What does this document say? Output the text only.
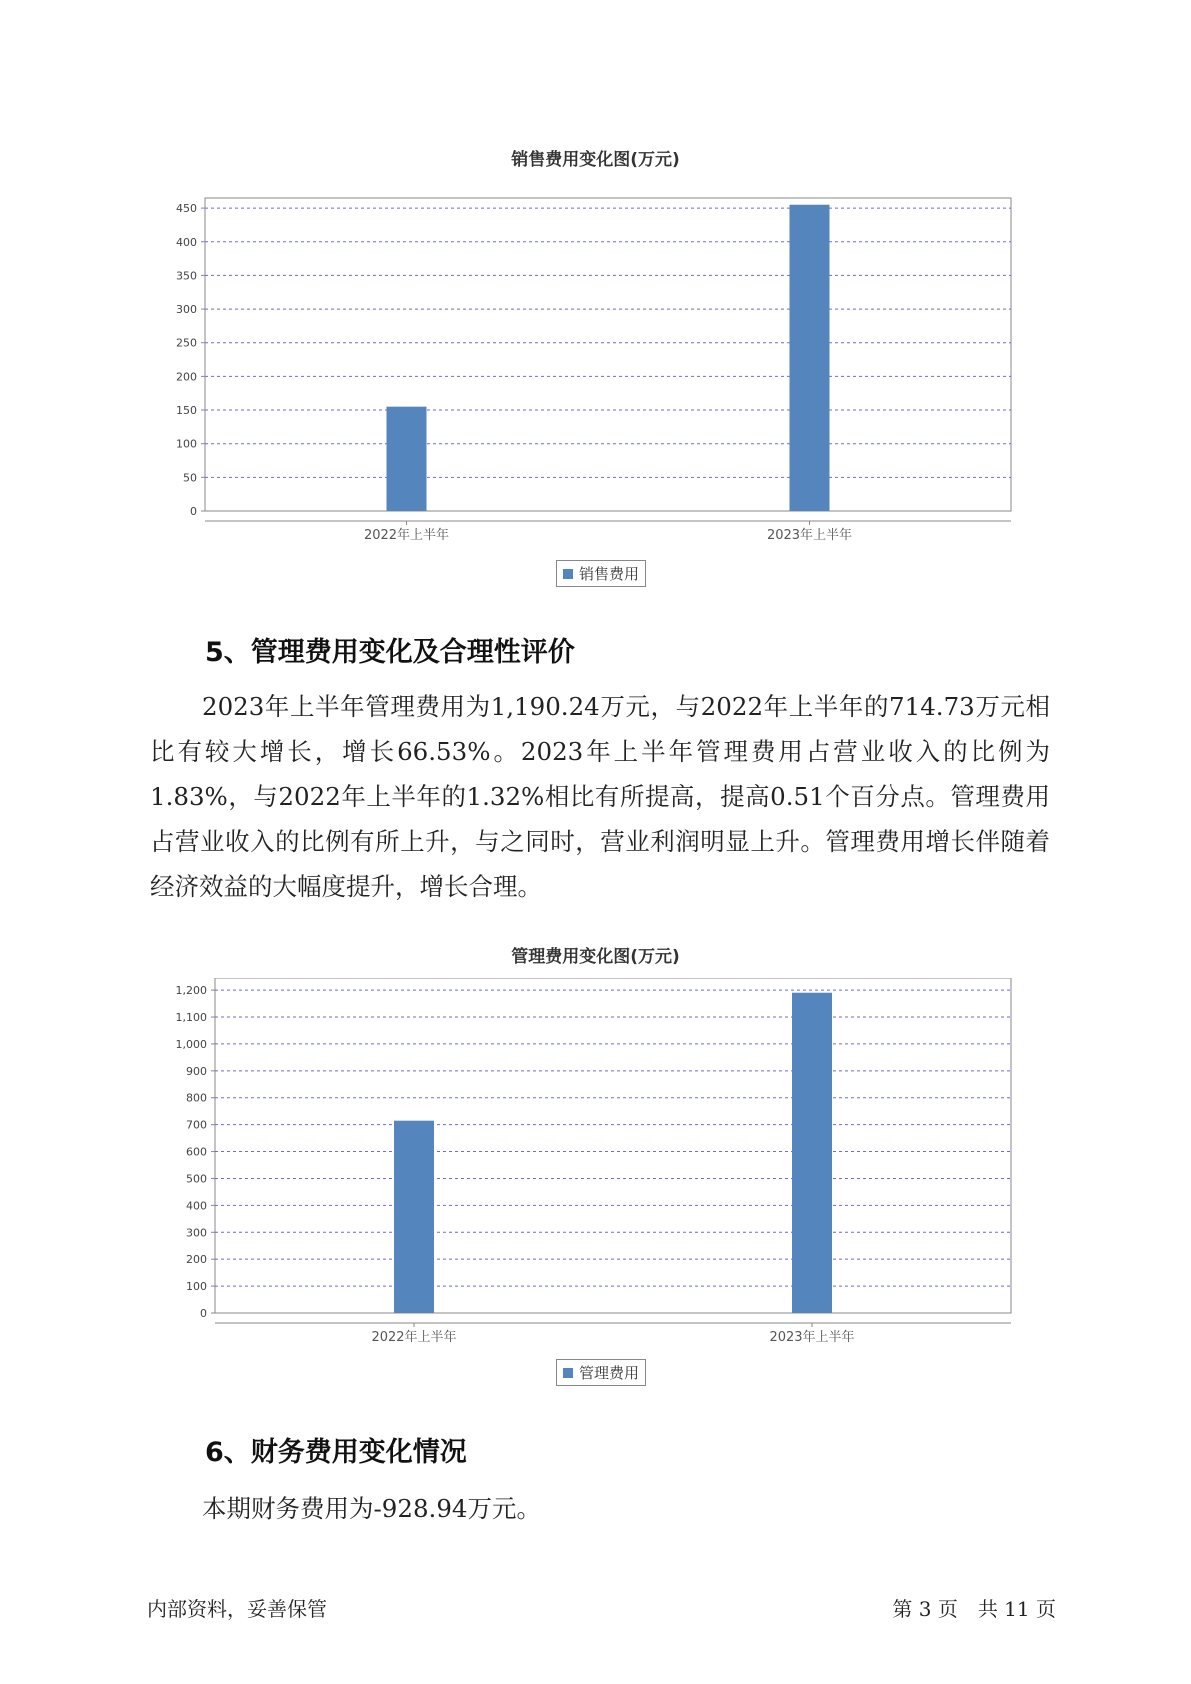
销售费用变化图(万元)
0
50
100
150
200
250
300
350
400
450
2022年上半年	2023年上半年
销售费用
5、管理费用变化及合理性评价

2023年上半年管理费用为1,190.24万元，与2022年上半年的714.73万元相比有较大增长，增长66.53%。2023年上半年管理费用占营业收入的比例为1.83%，与2022年上半年的1.32%相比有所提高，提高0.51个百分点。管理费用占营业收入的比例有所上升，与之同时，营业利润明显上升。管理费用增长伴随着经济效益的大幅度提升，增长合理。

管理费用变化图(万元)
0
100
200
300
400
500
600
700
800
900
1,000
1,100
1,200
2022年上半年	2023年上半年
管理费用
6、财务费用变化情况

本期财务费用为-928.94万元。

内部资料，妥善保管	第 3 页　共 11 页
